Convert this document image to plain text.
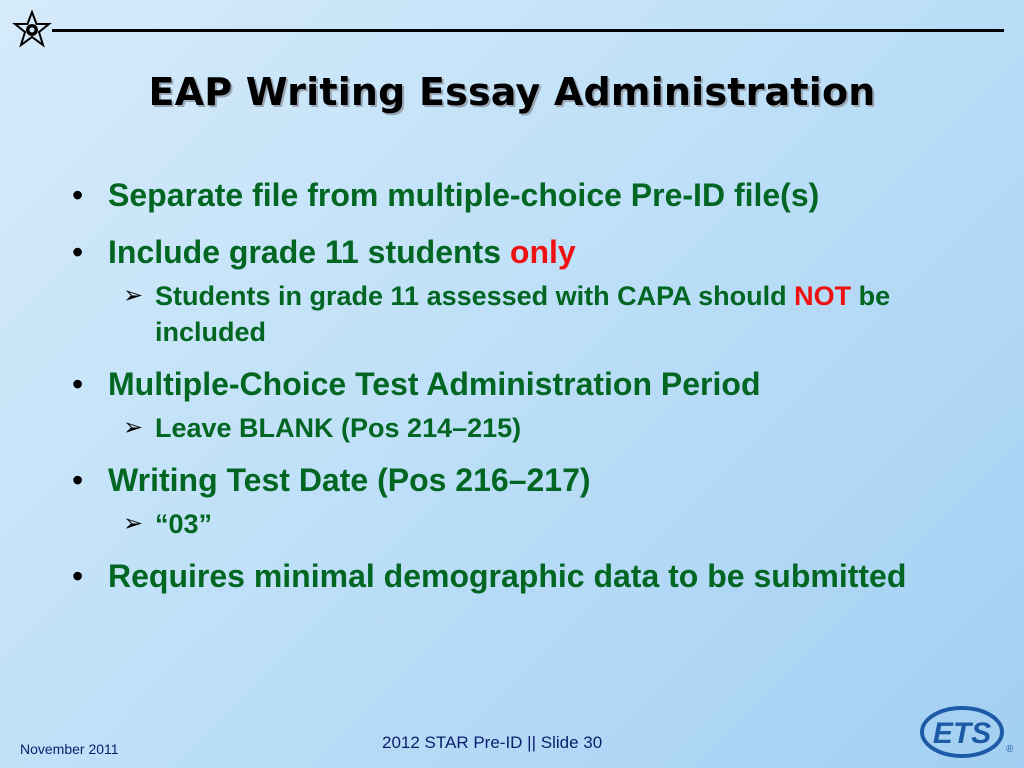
EAP Writing Essay Administration
• Separate file from multiple-choice Pre-ID file(s)
• Include grade 11 students only
➢ Students in grade 11 assessed with CAPA should NOT be included
• Multiple-Choice Test Administration Period
➢ Leave BLANK (Pos 214–215)
• Writing Test Date (Pos 216–217)
➢ “03”
• Requires minimal demographic data to be submitted
November 2011	2012 STAR Pre-ID || Slide 30	ETS ®
